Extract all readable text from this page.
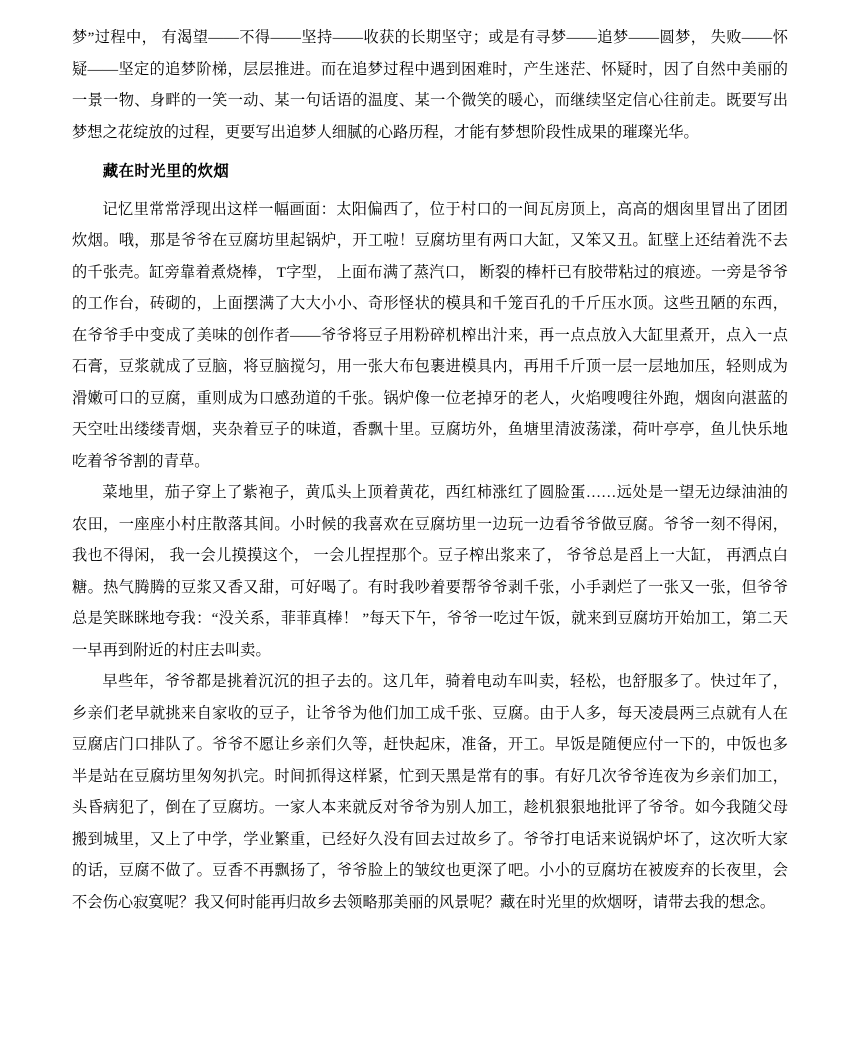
梦”过程中， 有渴望——不得——坚持——收获的长期坚守；或是有寻梦——追梦——圆梦， 失败——怀疑——坚定的追梦阶梯，层层推进。而在追梦过程中遇到困难时，产生迷茫、怀疑时，因了自然中美丽的一景一物、身畔的一笑一动、某一句话语的温度、某一个微笑的暖心，而继续坚定信心往前走。既要写出梦想之花绽放的过程，更要写出追梦人细腻的心路历程，才能有梦想阶段性成果的璀璨光华。

藏在时光里的炊烟

记忆里常常浮现出这样一幅画面：太阳偏西了，位于村口的一间瓦房顶上，高高的烟囱里冒出了团团炊烟。哦，那是爷爷在豆腐坊里起锅炉，开工啦！豆腐坊里有两口大缸，又笨又丑。缸壁上还结着洗不去的千张壳。缸旁靠着煮烧棒， T字型， 上面布满了蒸汽口， 断裂的棒杆已有胶带粘过的痕迹。一旁是爷爷的工作台，砖砌的，上面摆满了大大小小、奇形怪状的模具和千笼百孔的千斤压水顶。这些丑陋的东西，在爷爷手中变成了美味的创作者——爷爷将豆子用粉碎机榨出汁来，再一点点放入大缸里煮开，点入一点石膏，豆浆就成了豆脑，将豆脑搅匀，用一张大布包裹进模具内，再用千斤顶一层一层地加压，轻则成为滑嫩可口的豆腐，重则成为口感劲道的千张。锅炉像一位老掉牙的老人，火焰嗖嗖往外跑，烟囱向湛蓝的天空吐出缕缕青烟，夹杂着豆子的味道，香飘十里。豆腐坊外，鱼塘里清波荡漾，荷叶亭亭，鱼儿快乐地吃着爷爷割的青草。

菜地里，茄子穿上了紫袍子，黄瓜头上顶着黄花，西红柿涨红了圆脸蛋……远处是一望无边绿油油的农田，一座座小村庄散落其间。小时候的我喜欢在豆腐坊里一边玩一边看爷爷做豆腐。爷爷一刻不得闲，我也不得闲， 我一会儿摸摸这个， 一会儿捏捏那个。豆子榨出浆来了， 爷爷总是舀上一大缸， 再洒点白糖。热气腾腾的豆浆又香又甜，可好喝了。有时我吵着要帮爷爷剥千张，小手剥烂了一张又一张，但爷爷总是笑眯眯地夸我：“没关系，菲菲真棒！ ”每天下午，爷爷一吃过午饭，就来到豆腐坊开始加工，第二天一早再到附近的村庄去叫卖。

早些年，爷爷都是挑着沉沉的担子去的。这几年，骑着电动车叫卖，轻松，也舒服多了。快过年了，乡亲们老早就挑来自家收的豆子，让爷爷为他们加工成千张、豆腐。由于人多，每天凌晨两三点就有人在豆腐店门口排队了。爷爷不愿让乡亲们久等，赶快起床，准备，开工。早饭是随便应付一下的，中饭也多半是站在豆腐坊里匆匆扒完。时间抓得这样紧，忙到天黑是常有的事。有好几次爷爷连夜为乡亲们加工，头昏病犯了，倒在了豆腐坊。一家人本来就反对爷爷为别人加工，趁机狠狠地批评了爷爷。如今我随父母搬到城里，又上了中学，学业繁重，已经好久没有回去过故乡了。爷爷打电话来说锅炉坏了，这次听大家的话，豆腐不做了。豆香不再飘扬了，爷爷脸上的皱纹也更深了吧。小小的豆腐坊在被废弃的长夜里，会不会伤心寂寞呢？我又何时能再归故乡去领略那美丽的风景呢？藏在时光里的炊烟呀，请带去我的想念。
